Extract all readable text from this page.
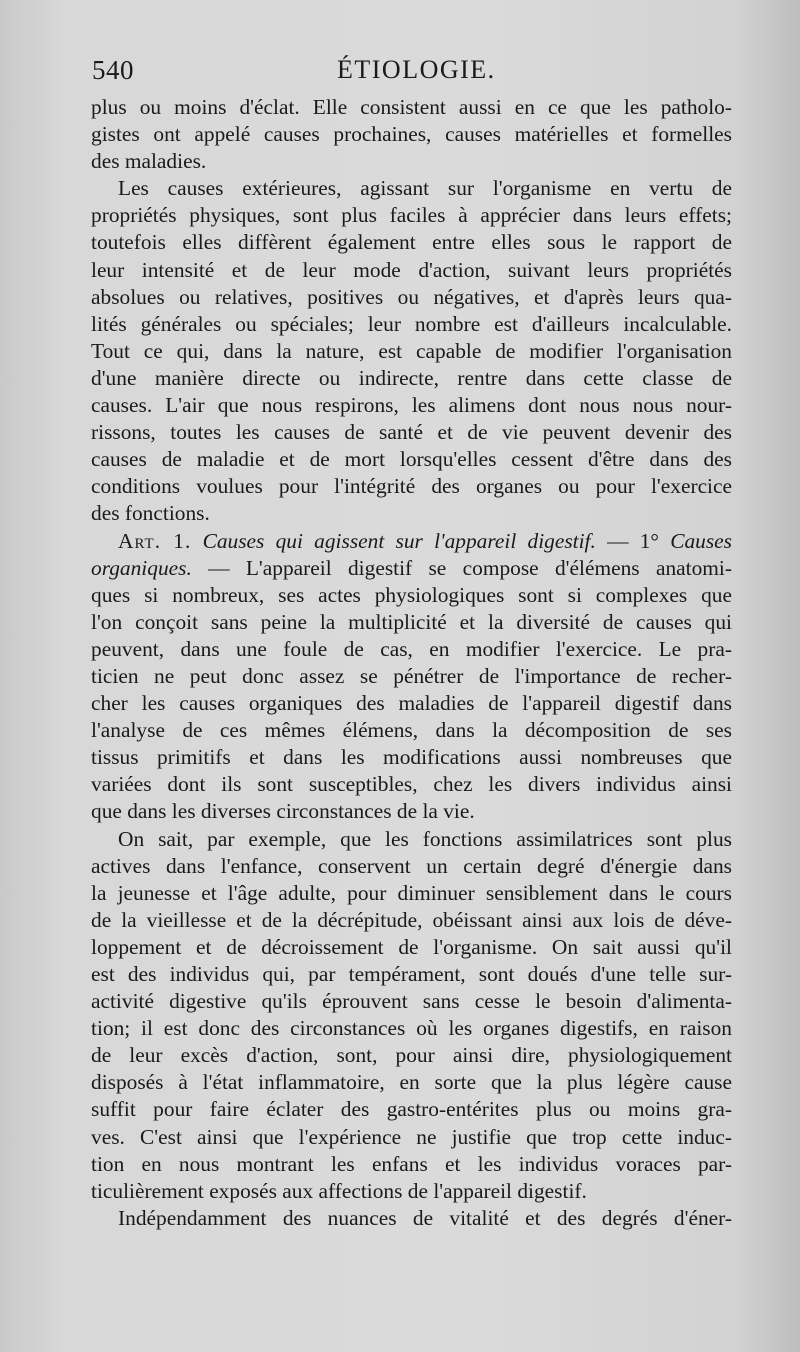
540	ÉTIOLOGIE.
plus ou moins d'éclat. Elle consistent aussi en ce que les patholo-
gistes ont appelé causes prochaines, causes matérielles et formelles
des maladies.
Les causes extérieures, agissant sur l'organisme en vertu de
propriétés physiques, sont plus faciles à apprécier dans leurs effets;
toutefois elles diffèrent également entre elles sous le rapport de
leur intensité et de leur mode d'action, suivant leurs propriétés
absolues ou relatives, positives ou négatives, et d'après leurs qua-
lités générales ou spéciales; leur nombre est d'ailleurs incalculable.
Tout ce qui, dans la nature, est capable de modifier l'organisation
d'une manière directe ou indirecte, rentre dans cette classe de
causes. L'air que nous respirons, les alimens dont nous nous nour-
rissons, toutes les causes de santé et de vie peuvent devenir des
causes de maladie et de mort lorsqu'elles cessent d'être dans des
conditions voulues pour l'intégrité des organes ou pour l'exercice
des fonctions.
Art. 1. Causes qui agissent sur l'appareil digestif. — 1° Causes
organiques. — L'appareil digestif se compose d'élémens anatomi-
ques si nombreux, ses actes physiologiques sont si complexes que
l'on conçoit sans peine la multiplicité et la diversité de causes qui
peuvent, dans une foule de cas, en modifier l'exercice. Le pra-
ticien ne peut donc assez se pénétrer de l'importance de recher-
cher les causes organiques des maladies de l'appareil digestif dans
l'analyse de ces mêmes élémens, dans la décomposition de ses
tissus primitifs et dans les modifications aussi nombreuses que
variées dont ils sont susceptibles, chez les divers individus ainsi
que dans les diverses circonstances de la vie.
On sait, par exemple, que les fonctions assimilatrices sont plus
actives dans l'enfance, conservent un certain degré d'énergie dans
la jeunesse et l'âge adulte, pour diminuer sensiblement dans le cours
de la vieillesse et de la décrépitude, obéissant ainsi aux lois de déve-
loppement et de décroissement de l'organisme. On sait aussi qu'il
est des individus qui, par tempérament, sont doués d'une telle sur-
activité digestive qu'ils éprouvent sans cesse le besoin d'alimenta-
tion; il est donc des circonstances où les organes digestifs, en raison
de leur excès d'action, sont, pour ainsi dire, physiologiquement
disposés à l'état inflammatoire, en sorte que la plus légère cause
suffit pour faire éclater des gastro-entérites plus ou moins gra-
ves. C'est ainsi que l'expérience ne justifie que trop cette induc-
tion en nous montrant les enfans et les individus voraces par-
ticulièrement exposés aux affections de l'appareil digestif.
Indépendamment des nuances de vitalité et des degrés d'éner-
